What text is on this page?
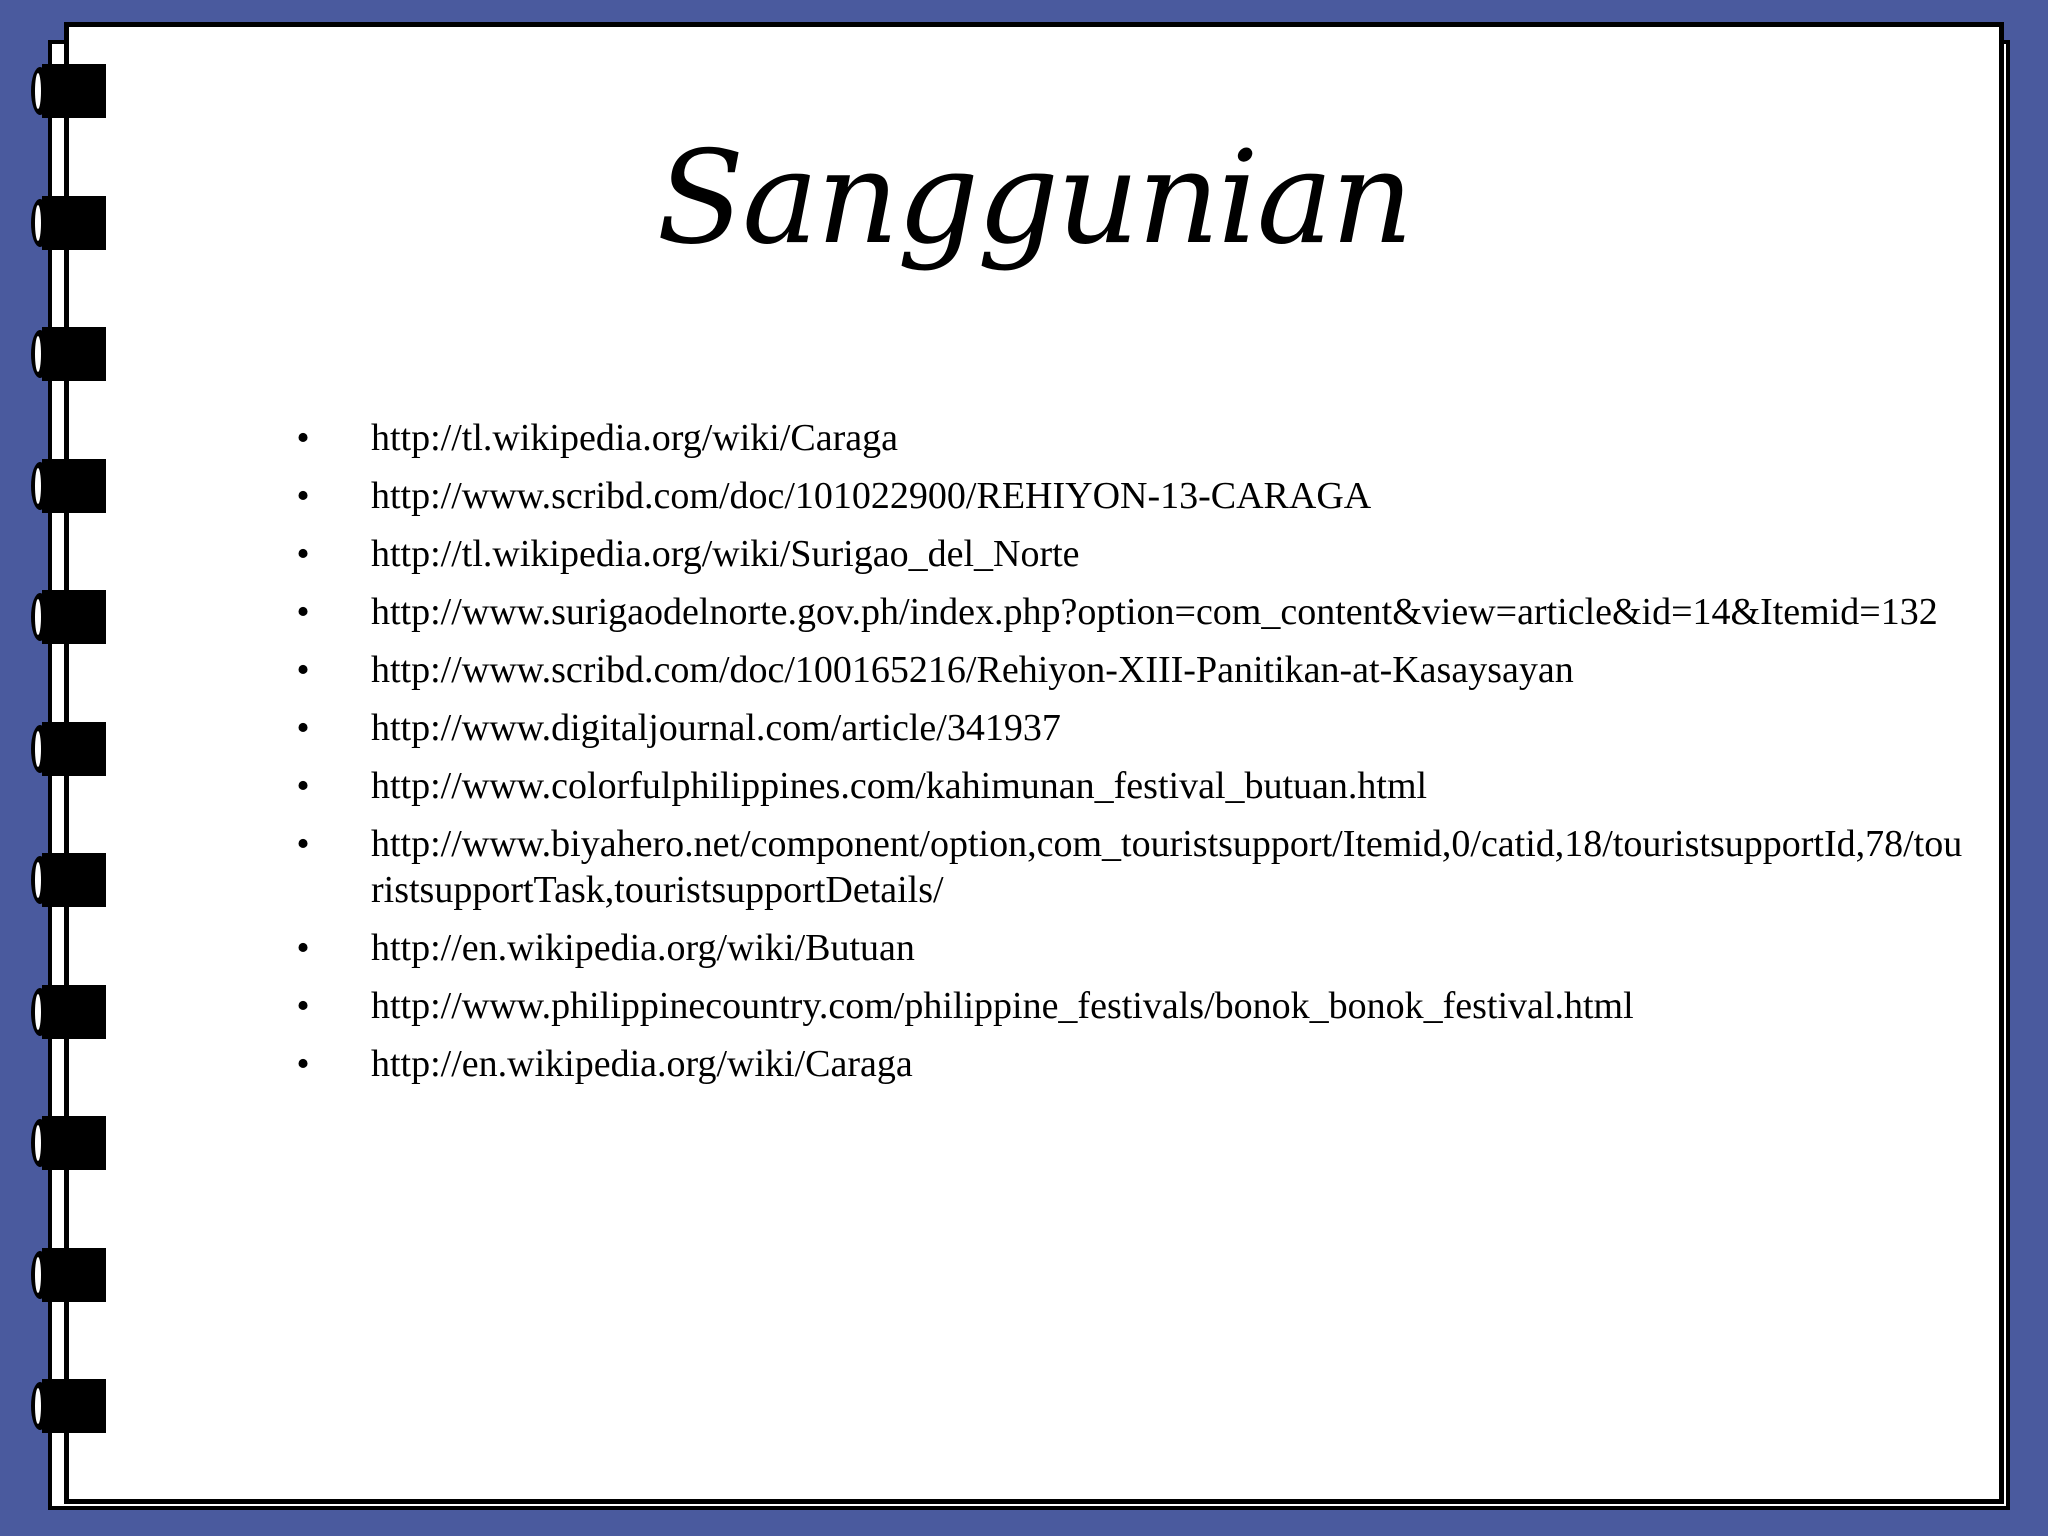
Sanggunian
• http://tl.wikipedia.org/wiki/Caraga
• http://www.scribd.com/doc/101022900/REHIYON-13-CARAGA
• http://tl.wikipedia.org/wiki/Surigao_del_Norte
• http://www.surigaodelnorte.gov.ph/index.php?option=com_content&view=article&id=14&Itemid=132
• http://www.scribd.com/doc/100165216/Rehiyon-XIII-Panitikan-at-Kasaysayan
• http://www.digitaljournal.com/article/341937
• http://www.colorfulphilippines.com/kahimunan_festival_butuan.html
• http://www.biyahero.net/component/option,com_touristsupport/Itemid,0/catid,18/touristsupportId,78/touristsupportTask,touristsupportDetails/
• http://en.wikipedia.org/wiki/Butuan
• http://www.philippinecountry.com/philippine_festivals/bonok_bonok_festival.html
• http://en.wikipedia.org/wiki/Caraga
